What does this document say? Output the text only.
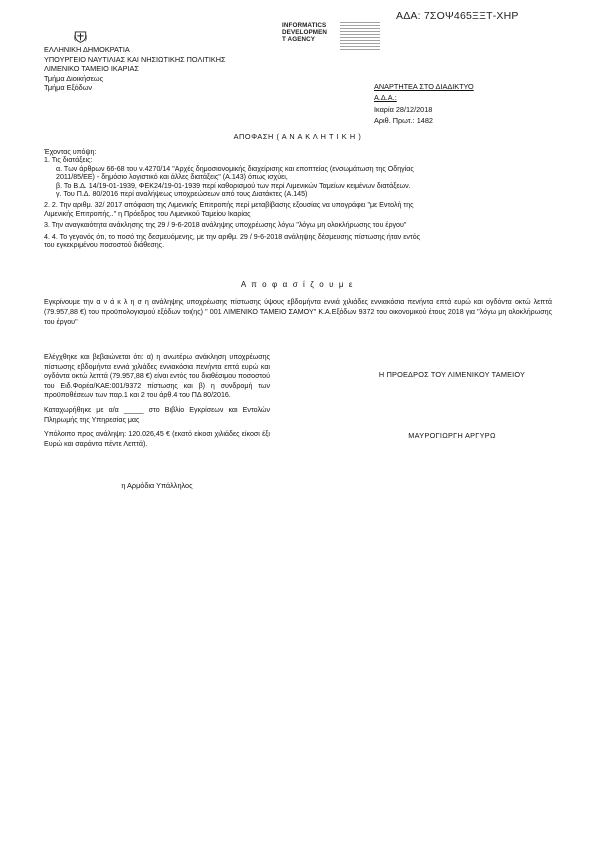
ΑΔΑ: 7ΣΟΨ465ΞΞΤ-ΧΗΡ
INFORMATICS
DEVELOPMEN
T AGENCY
ΕΛΛΗΝΙΚΗ ΔΗΜΟΚΡΑΤΙΑ
ΥΠΟΥΡΓΕΙΟ ΝΑΥΤΙΛΙΑΣ ΚΑΙ ΝΗΣΙΩΤΙΚΗΣ ΠΟΛΙΤΙΚΗΣ
ΛΙΜΕΝΙΚΟ ΤΑΜΕΙΟ ΙΚΑΡΙΑΣ
Τμήμα Διοικήσεως
Τμήμα Εξόδων	ΑΝΑΡΤΗΤΕΑ ΣΤΟ ΔΙΑΔΙΚΤΥΟ
Α.Δ.Α.:
Ικαρία 28/12/2018
Αριθ. Πρωτ.: 1482
ΑΠΟΦΑΣΗ ( Α Ν Α Κ Λ Η Τ Ι Κ Η )
Έχοντας υπόψη:
1. Τις διατάξεις:
α. Των άρθρων 66-68 του ν.4270/14 "Αρχές δημοσιονομικής διαχείρισης και εποπτείας (ενσωμάτωση της Οδηγίας
2011/85/ΕΕ) - δημόσιο λογιστικό και άλλες διατάξεις" (Α.143) όπως ισχύει,
β. Το Β.Δ. 14/19-01-1939, ΦΕΚ24/19-01-1939 περί καθορισμού των περί Λιμενικών Ταμείων κειμένων διατάξεων.
γ. Του Π.Δ. 80/2016 περί αναλήψεως υποχρεώσεων από τους Διατάκτες (Α.145)
2. 2. Την αριθμ. 32/ 2017 απόφαση της Λιμενικής Επιτροπής περί μεταβίβασης εξουσίας να υπογράφει "με Εντολή της
Λιμενικής Επιτροπής.." η Πρόεδρος του Λιμενικού Ταμείου Ικαρίας
3. Την αναγκαιότητα ανάκλησης της 29 / 9-6-2018 ανάληψης υποχρέωσης λόγω "λόγω μη ολοκλήρωσης του έργου"
4. 4. Το γεγονός ότι, το ποσό της δεσμευόμενης, με την αριθμ. 29 / 9-6-2018 ανάληψης δέσμευσης πίστωσης ήταν εντός
του εγκεκριμένου ποσοστού διάθεσης.
Α π ο φ α σ ί ζ ο υ μ ε
Εγκρίνουμε την α ν ά κ λ η σ η ανάληψης υποχρέωσης πίστωσης ύψους εβδομήντα εννιά χιλιάδες εννιακόσια πενήντα επτά ευρώ και ογδόντα οκτώ λεπτά (79.957,88 €) του προϋπολογισμού εξόδων τοι(ης) " 001 ΛΙΜΕΝΙΚΟ ΤΑΜΕΙΟ ΣΑΜΟΥ" Κ.Α.Εξόδων 9372 του οικονομικού έτους 2018 για "λόγω μη ολοκλήρωσης του έργου"

Ελέγχθηκε και βεβαιώνεται ότι: α) η ανωτέρω ανάκληση υποχρέωσης πίστωσης εβδομήντα εννιά χιλιάδες εννιακόσια πενήντα επτά ευρώ και ογδόντα οκτώ λεπτά (79.957,88 €) είναι εντός του διαθέσιμου ποσοστού του Ειδ.Φορέα/ΚΑΕ:001/9372 πίστωσης και β) η συνδρομή των προϋποθέσεων των παρ.1 και 2 του άρθ.4 του ΠΔ 80/2016.

Καταχωρήθηκε με α/α _____ στο Βιβλίο Εγκρίσεων και Εντολών Πληρωμής της Υπηρεσίας μας

Υπόλοιπο προς ανάληψη: 120.026,45 € (εκατό είκοσι χιλιάδες είκοσι έξι Ευρώ και σαράντα πέντε Λεπτά).

η Αρμόδια Υπάλληλος
Η ΠΡΟΕΔΡΟΣ ΤΟΥ ΛΙΜΕΝΙΚΟΥ ΤΑΜΕΙΟΥ
ΜΑΥΡΟΓΙΩΡΓΗ ΑΡΓΥΡΩ
